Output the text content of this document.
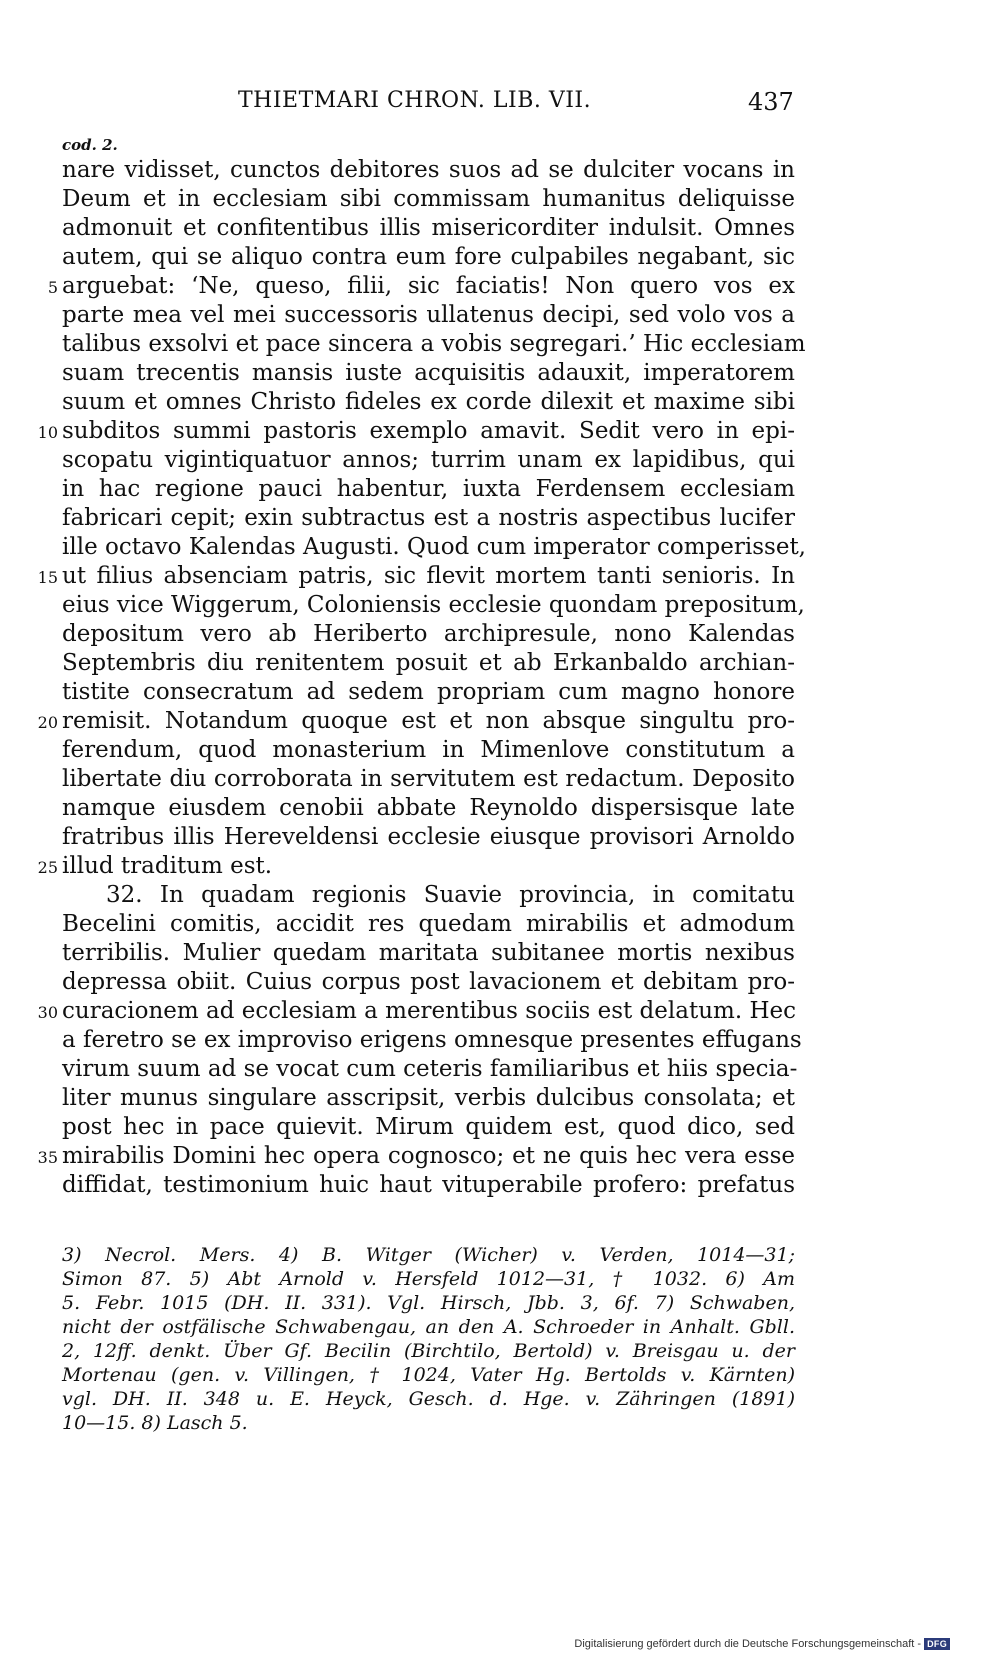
THIETMARI CHRON. LIB. VII.	437
cod. 2.
nare vidisset, cunctos debitores suos ad se dulciter vocans in
Deum et in ecclesiam sibi commissam humanitus deliquisse
admonuit et confitentibus illis misericorditer indulsit. Omnes
autem, qui se aliquo contra eum fore culpabiles negabant, sic
5 arguebat: ‘Ne, queso, filii, sic faciatis! Non quero vos ex
parte mea vel mei successoris ullatenus decipi, sed volo vos a
talibus exsolvi et pace sincera a vobis segregari.’ Hic ecclesiam
suam trecentis mansis iuste acquisitis adauxit, imperatorem
suum et omnes Christo fideles ex corde dilexit et maxime sibi
10 subditos summi pastoris exemplo amavit. Sedit vero in epi-
scopatu vigintiquatuor annos; turrim unam ex lapidibus, qui
in hac regione pauci habentur, iuxta Ferdensem ecclesiam
fabricari cepit; exin subtractus est a nostris aspectibus lucifer
ille octavo Kalendas Augusti. Quod cum imperator comperisset,
15 ut filius absenciam patris, sic flevit mortem tanti senioris. In
eius vice Wiggerum, Coloniensis ecclesie quondam prepositum,
depositum vero ab Heriberto archipresule, nono Kalendas
Septembris diu renitentem posuit et ab Erkanbaldo archian-
tistite consecratum ad sedem propriam cum magno honore
20 remisit. Notandum quoque est et non absque singultu pro-
ferendum, quod monasterium in Mimenlove constitutum a
libertate diu corroborata in servitutem est redactum. Deposito
namque eiusdem cenobii abbate Reynoldo dispersisque late
fratribus illis Hereveldensi ecclesie eiusque provisori Arnoldo
25 illud traditum est.
32. In quadam regionis Suavie provincia, in comitatu
Becelini comitis, accidit res quedam mirabilis et admodum
terribilis. Mulier quedam maritata subitanee mortis nexibus
depressa obiit. Cuius corpus post lavacionem et debitam pro-
30 curacionem ad ecclesiam a merentibus sociis est delatum. Hec
a feretro se ex improviso erigens omnesque presentes effugans
virum suum ad se vocat cum ceteris familiaribus et hiis specia-
liter munus singulare asscripsit, verbis dulcibus consolata; et
post hec in pace quievit. Mirum quidem est, quod dico, sed
35 mirabilis Domini hec opera cognosco; et ne quis hec vera esse
diffidat, testimonium huic haut vituperabile profero: prefatus
3) Necrol. Mers. 4) B. Witger (Wicher) v. Verden, 1014—31;
Simon 87. 5) Abt Arnold v. Hersfeld 1012—31, † 1032. 6) Am
5. Febr. 1015 (DH. II. 331). Vgl. Hirsch, Jbb. 3, 6f. 7) Schwaben,
nicht der ostfälische Schwabengau, an den A. Schroeder in Anhalt. Gbll.
2, 12ff. denkt. Über Gf. Becilin (Birchtilo, Bertold) v. Breisgau u. der
Mortenau (gen. v. Villingen, † 1024, Vater Hg. Bertolds v. Kärnten)
vgl. DH. II. 348 u. E. Heyck, Gesch. d. Hge. v. Zähringen (1891)
10—15. 8) Lasch 5.
Digitalisierung gefördert durch die Deutsche Forschungsgemeinschaft - DFG
